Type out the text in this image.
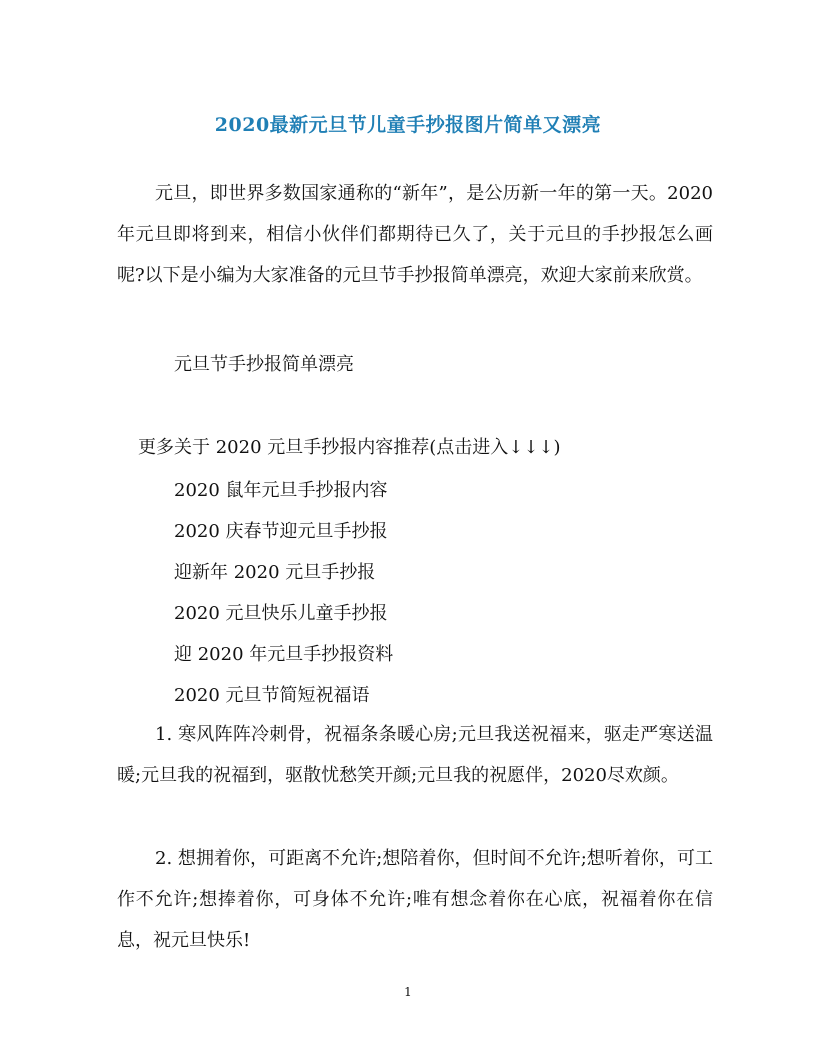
2020最新元旦节儿童手抄报图片简单又漂亮

元旦，即世界多数国家通称的“新年”，是公历新一年的第一天。2020年元旦即将到来，相信小伙伴们都期待已久了，关于元旦的手抄报怎么画呢?以下是小编为大家准备的元旦节手抄报简单漂亮，欢迎大家前来欣赏。

元旦节手抄报简单漂亮
更多关于 2020 元旦手抄报内容推荐(点击进入↓↓↓)
2020 鼠年元旦手抄报内容
2020 庆春节迎元旦手抄报
迎新年 2020 元旦手抄报
2020 元旦快乐儿童手抄报
迎 2020 年元旦手抄报资料
2020 元旦节简短祝福语

1. 寒风阵阵冷刺骨，祝福条条暖心房;元旦我送祝福来，驱走严寒送温暖;元旦我的祝福到，驱散忧愁笑开颜;元旦我的祝愿伴，2020尽欢颜。

2. 想拥着你，可距离不允许;想陪着你，但时间不允许;想听着你，可工作不允许;想捧着你，可身体不允许;唯有想念着你在心底，祝福着你在信息，祝元旦快乐!

1
